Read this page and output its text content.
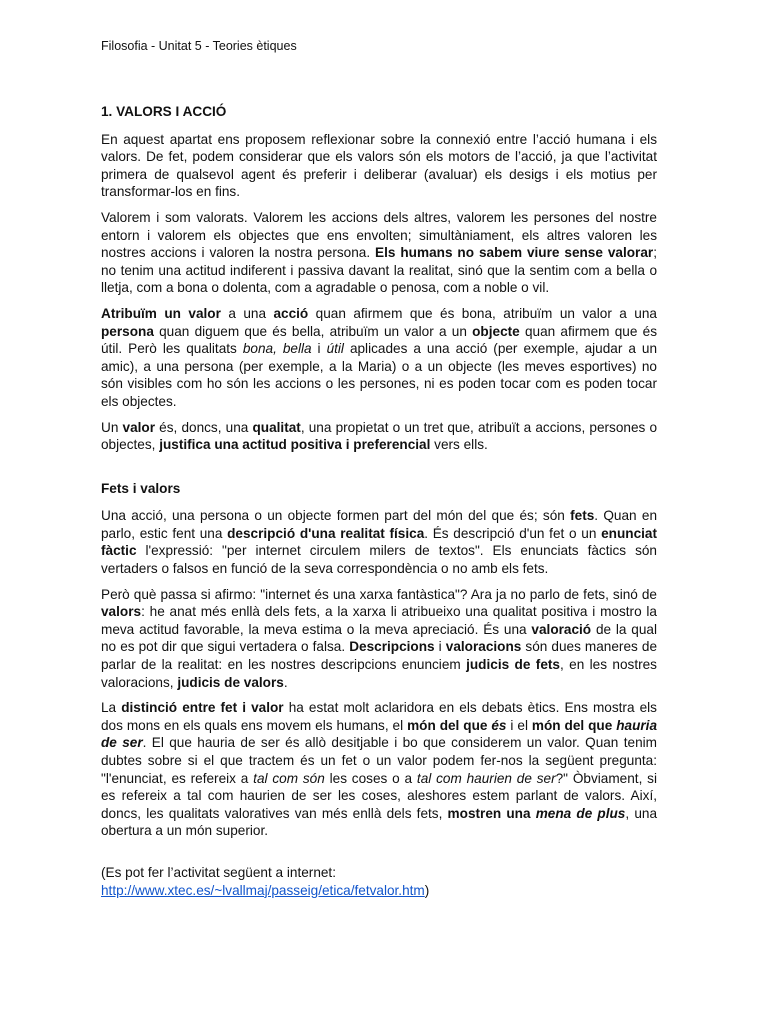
Filosofia - Unitat 5 - Teories ètiques
1. VALORS I ACCIÓ

En aquest apartat ens proposem reflexionar sobre la connexió entre l’acció humana i els valors. De fet, podem considerar que els valors són els motors de l’acció, ja que l’activitat primera de qualsevol agent és preferir i deliberar (avaluar) els desigs i els motius per transformar-los en fins.

Valorem i som valorats. Valorem les accions dels altres, valorem les persones del nostre entorn i valorem els objectes que ens envolten; simultàniament, els altres valoren les nostres accions i valoren la nostra persona. Els humans no sabem viure sense valorar; no tenim una actitud indiferent i passiva davant la realitat, sinó que la sentim com a bella o lletja, com a bona o dolenta, com a agradable o penosa, com a noble o vil.

Atribuïm un valor a una acció quan afirmem que és bona, atribuïm un valor a una persona quan diguem que és bella, atribuïm un valor a un objecte quan afirmem que és útil. Però les qualitats bona, bella i útil aplicades a una acció (per exemple, ajudar a un amic), a una persona (per exemple, a la Maria) o a un objecte (les meves esportives) no són visibles com ho són les accions o les persones, ni es poden tocar com es poden tocar els objectes.

Un valor és, doncs, una qualitat, una propietat o un tret que, atribuït a accions, persones o objectes, justifica una actitud positiva i preferencial vers ells.

Fets i valors

Una acció, una persona o un objecte formen part del món del que és; són fets. Quan en parlo, estic fent una descripció d'una realitat física. És descripció d'un fet o un enunciat fàctic l'expressió: "per internet circulem milers de textos". Els enunciats fàctics són vertaders o falsos en funció de la seva correspondència o no amb els fets.

Però què passa si afirmo: "internet és una xarxa fantàstica"? Ara ja no parlo de fets, sinó de valors: he anat més enllà dels fets, a la xarxa li atribueixo una qualitat positiva i mostro la meva actitud favorable, la meva estima o la meva apreciació. És una valoració de la qual no es pot dir que sigui vertadera o falsa. Descripcions i valoracions són dues maneres de parlar de la realitat: en les nostres descripcions enunciem judicis de fets, en les nostres valoracions, judicis de valors.

La distinció entre fet i valor ha estat molt aclaridora en els debats ètics. Ens mostra els dos mons en els quals ens movem els humans, el món del que és i el món del que hauria de ser. El que hauria de ser és allò desitjable i bo que considerem un valor. Quan tenim dubtes sobre si el que tractem és un fet o un valor podem fer-nos la següent pregunta: "l'enunciat, es refereix a tal com són les coses o a tal com haurien de ser?" Òbviament, si es refereix a tal com haurien de ser les coses, aleshores estem parlant de valors. Així, doncs, les qualitats valoratives van més enllà dels fets, mostren una mena de plus, una obertura a un món superior.

(Es pot fer l’activitat següent a internet:
http://www.xtec.es/~lvallmaj/passeig/etica/fetvalor.htm)
